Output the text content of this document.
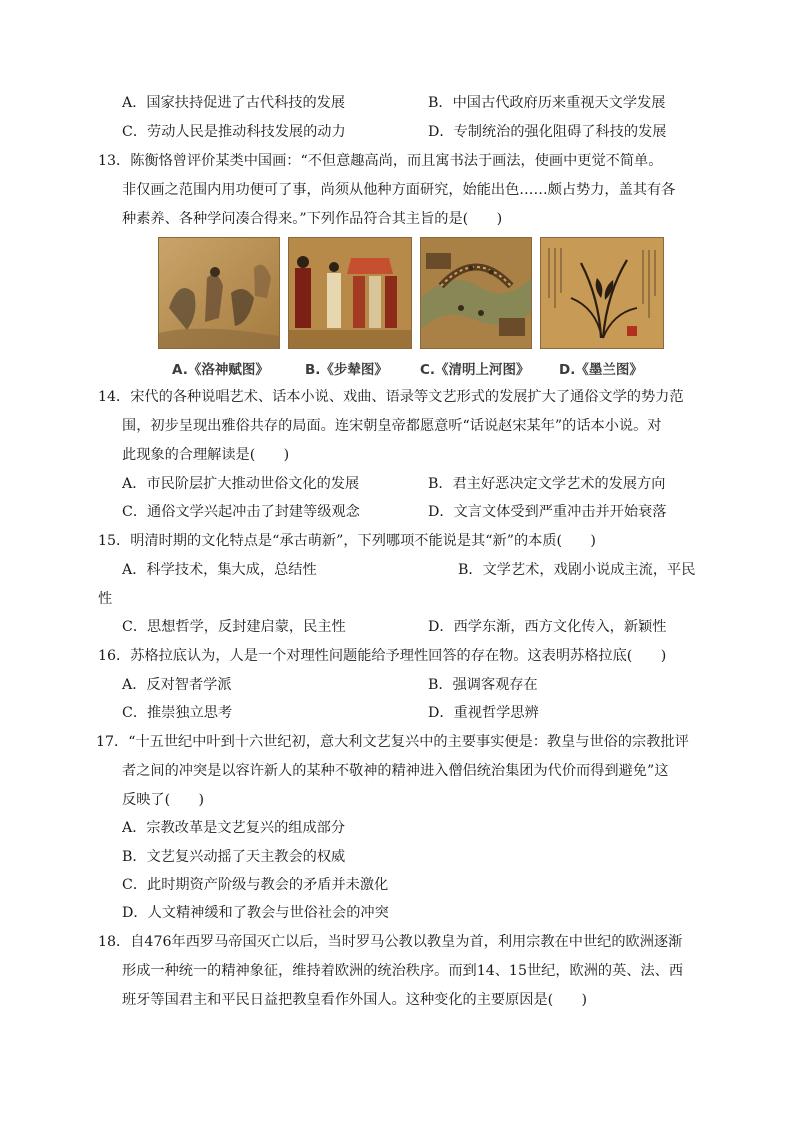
A．国家扶持促进了古代科技的发展	B．中国古代政府历来重视天文学发展
C．劳动人民是推动科技发展的动力	D．专制统治的强化阻碍了科技的发展
13．陈衡恪曾评价某类中国画：“不但意趣高尚，而且寓书法于画法，使画中更觉不简单。
非仅画之范围内用功便可了事，尚须从他种方面研究，始能出色……颇占势力，盖其有各
种素养、各种学问凑合得来。”下列作品符合其主旨的是(　　)
A.《洛神赋图》	B.《步辇图》 C.《清明上河图》 D.《墨兰图》
14．宋代的各种说唱艺术、话本小说、戏曲、语录等文艺形式的发展扩大了通俗文学的势力范
围，初步呈现出雅俗共存的局面。连宋朝皇帝都愿意听“话说赵宋某年”的话本小说。对
此现象的合理解读是(　　)
A．市民阶层扩大推动世俗文化的发展	B．君主好恶决定文学艺术的发展方向
C．通俗文学兴起冲击了封建等级观念	D．文言文体受到严重冲击并开始衰落
15．明清时期的文化特点是“承古萌新”，下列哪项不能说是其“新”的本质(　　)
A．科学技术，集大成，总结性	B．文学艺术，戏剧小说成主流，平民
性
C．思想哲学，反封建启蒙，民主性	D．西学东渐，西方文化传入，新颖性
16．苏格拉底认为，人是一个对理性问题能给予理性回答的存在物。这表明苏格拉底(　　)
A．反对智者学派	B．强调客观存在
C．推崇独立思考	D．重视哲学思辨
17．“十五世纪中叶到十六世纪初，意大利文艺复兴中的主要事实便是：教皇与世俗的宗教批评
者之间的冲突是以容许新人的某种不敬神的精神进入僧侣统治集团为代价而得到避免”这
反映了(　　)
A．宗教改革是文艺复兴的组成部分
B．文艺复兴动摇了天主教会的权威
C．此时期资产阶级与教会的矛盾并未激化
D．人文精神缓和了教会与世俗社会的冲突
18．自476年西罗马帝国灭亡以后，当时罗马公教以教皇为首，利用宗教在中世纪的欧洲逐渐
形成一种统一的精神象征，维持着欧洲的统治秩序。而到14、15世纪，欧洲的英、法、西
班牙等国君主和平民日益把教皇看作外国人。这种变化的主要原因是(　　)
